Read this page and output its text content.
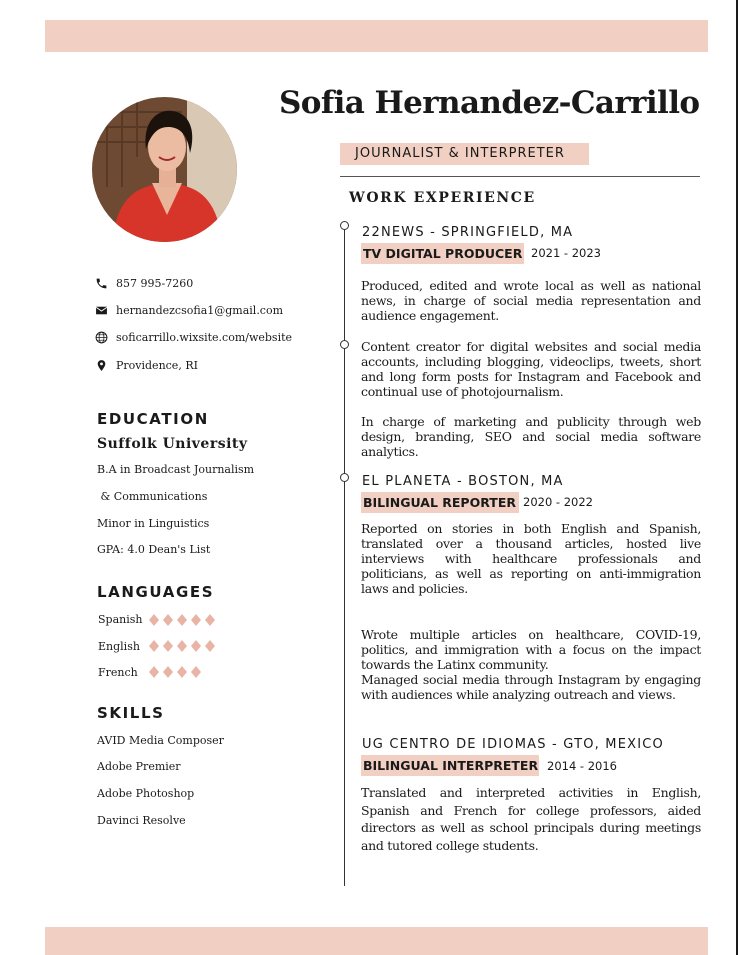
Sofia Hernandez-Carrillo
JOURNALIST & INTERPRETER
857 995-7260
hernandezcsofia1@gmail.com
soficarrillo.wixsite.com/website
Providence, RI
EDUCATION
Suffolk University
B.A in Broadcast Journalism
& Communications
Minor in Linguistics
GPA: 4.0 Dean's List
LANGUAGES
Spanish
English
French
SKILLS
AVID Media Composer
Adobe Premier
Adobe Photoshop
Davinci Resolve
WORK EXPERIENCE
22NEWS - SPRINGFIELD, MA
TV DIGITAL PRODUCER 2021 - 2023
Produced, edited and wrote local as well as national news, in charge of social media representation and audience engagement.
Content creator for digital websites and social media accounts, including blogging, videoclips, tweets, short and long form posts for Instagram and Facebook and continual use of photojournalism.
In charge of marketing and publicity through web design, branding, SEO and social media software analytics.
EL PLANETA - BOSTON, MA
BILINGUAL REPORTER 2020 - 2022
Reported on stories in both English and Spanish, translated over a thousand articles, hosted live interviews with healthcare professionals and politicians, as well as reporting on anti-immigration laws and policies.
Wrote multiple articles on healthcare, COVID-19, politics, and immigration with a focus on the impact towards the Latinx community.
Managed social media through Instagram by engaging with audiences while analyzing outreach and views.
UG CENTRO DE IDIOMAS - GTO, MEXICO
BILINGUAL INTERPRETER 2014 - 2016
Translated and interpreted activities in English, Spanish and French for college professors, aided directors as well as school principals during meetings and tutored college students.
